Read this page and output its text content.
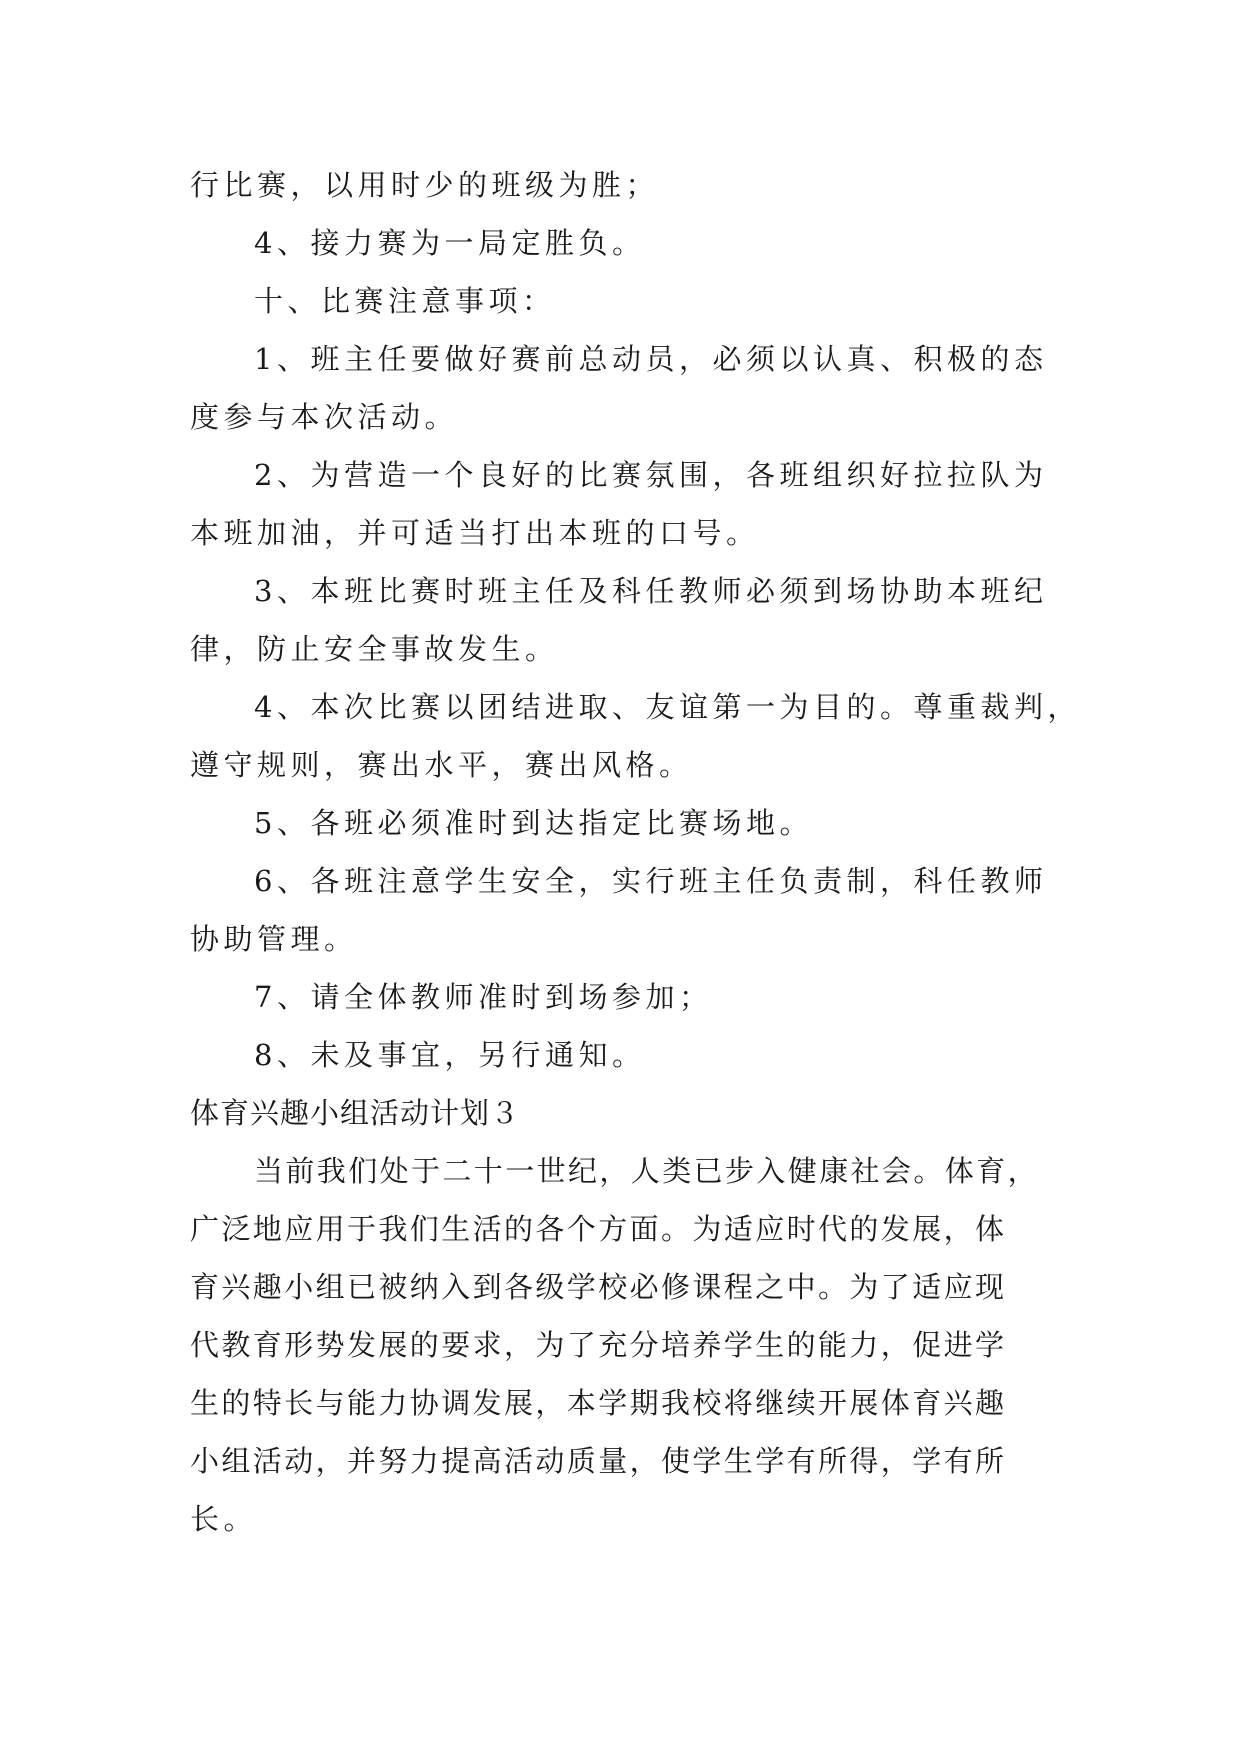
行比赛，以用时少的班级为胜；
4、接力赛为一局定胜负。
十、比赛注意事项：
1、班主任要做好赛前总动员，必须以认真、积极的态
度参与本次活动。
2、为营造一个良好的比赛氛围，各班组织好拉拉队为
本班加油，并可适当打出本班的口号。
3、本班比赛时班主任及科任教师必须到场协助本班纪
律，防止安全事故发生。
4、本次比赛以团结进取、友谊第一为目的。尊重裁判，
遵守规则，赛出水平，赛出风格。
5、各班必须准时到达指定比赛场地。
6、各班注意学生安全，实行班主任负责制，科任教师
协助管理。
7、请全体教师准时到场参加；
8、未及事宜，另行通知。
体育兴趣小组活动计划３
当前我们处于二十一世纪，人类已步入健康社会。体育，
广泛地应用于我们生活的各个方面。为适应时代的发展，体
育兴趣小组已被纳入到各级学校必修课程之中。为了适应现
代教育形势发展的要求，为了充分培养学生的能力，促进学
生的特长与能力协调发展，本学期我校将继续开展体育兴趣
小组活动，并努力提高活动质量，使学生学有所得，学有所
长。
